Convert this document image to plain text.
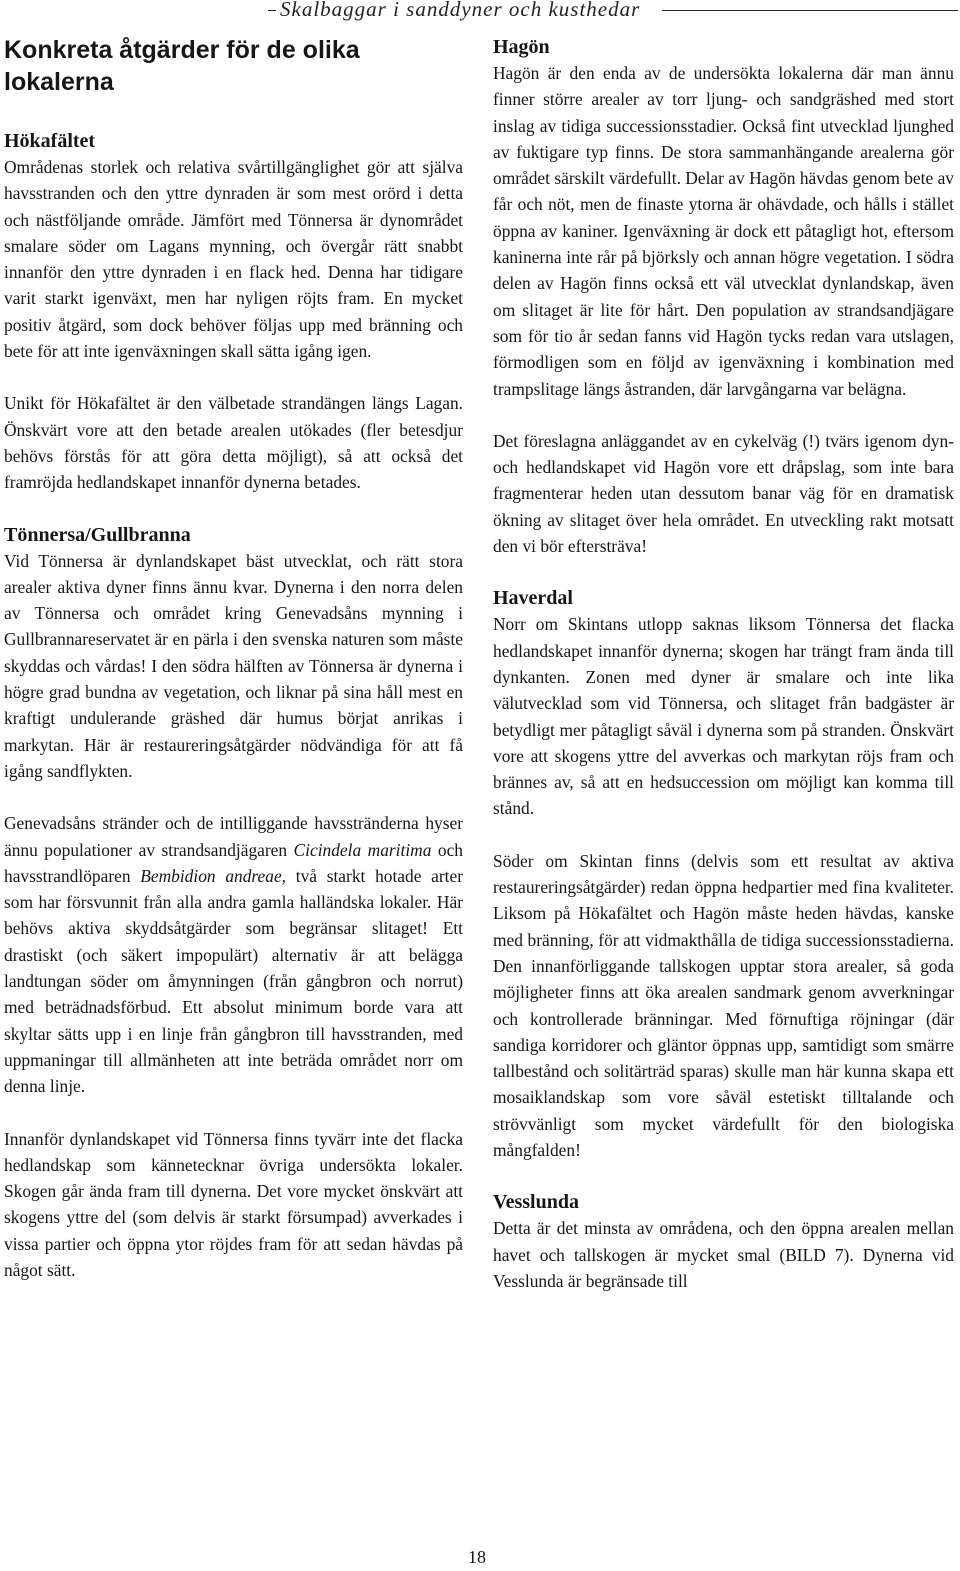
Skalbaggar i sanddyner och kusthedar
Konkreta åtgärder för de olika lokalerna
Hökafältet

Områdenas storlek och relativa svårtillgänglighet gör att själva havsstranden och den yttre dynraden är som mest orörd i detta och nästföljande område. Jämfört med Tönnersa är dynområdet smalare söder om Lagans mynning, och övergår rätt snabbt innanför den yttre dynraden i en flack hed. Denna har tidigare varit starkt igenväxt, men har nyligen röjts fram. En mycket positiv åtgärd, som dock behöver följas upp med bränning och bete för att inte igenväxningen skall sätta igång igen.

Unikt för Hökafältet är den välbetade strandängen längs Lagan. Önskvärt vore att den betade arealen utökades (fler betesdjur behövs förstås för att göra detta möjligt), så att också det framröjda hedlandskapet innanför dynerna betades.

Tönnersa/Gullbranna

Vid Tönnersa är dynlandskapet bäst utvecklat, och rätt stora arealer aktiva dyner finns ännu kvar. Dynerna i den norra delen av Tönnersa och området kring Genevadsåns mynning i Gullbrannareservatet är en pärla i den svenska naturen som måste skyddas och vårdas! I den södra hälften av Tönnersa är dynerna i högre grad bundna av vegetation, och liknar på sina håll mest en kraftigt undulerande gräshed där humus börjat anrikas i markytan. Här är restaureringsåtgärder nödvändiga för att få igång sandflykten.

Genevadsåns stränder och de intilliggande havsstränderna hyser ännu populationer av strandsandjägaren Cicindela maritima och havsstrandlöparen Bembidion andreae, två starkt hotade arter som har försvunnit från alla andra gamla halländska lokaler. Här behövs aktiva skyddsåtgärder som begränsar slitaget! Ett drastiskt (och säkert impopulärt) alternativ är att belägga landtungan söder om åmynningen (från gångbron och norrut) med beträdnadsförbud. Ett absolut minimum borde vara att skyltar sätts upp i en linje från gångbron till havsstranden, med uppmaningar till allmänheten att inte beträda området norr om denna linje.

Innanför dynlandskapet vid Tönnersa finns tyvärr inte det flacka hedlandskap som kännetecknar övriga undersökta lokaler. Skogen går ända fram till dynerna. Det vore mycket önskvärt att skogens yttre del (som delvis är starkt försumpad) avverkades i vissa partier och öppna ytor röjdes fram för att sedan hävdas på något sätt.

Hagön

Hagön är den enda av de undersökta lokalerna där man ännu finner större arealer av torr ljung- och sandgräshed med stort inslag av tidiga successionsstadier. Också fint utvecklad ljunghed av fuktigare typ finns. De stora sammanhängande arealerna gör området särskilt värdefullt. Delar av Hagön hävdas genom bete av får och nöt, men de finaste ytorna är ohävdade, och hålls i stället öppna av kaniner. Igenväxning är dock ett påtagligt hot, eftersom kaninerna inte rår på björksly och annan högre vegetation. I södra delen av Hagön finns också ett väl utvecklat dynlandskap, även om slitaget är lite för hårt. Den population av strandsandjägare som för tio år sedan fanns vid Hagön tycks redan vara utslagen, förmodligen som en följd av igenväxning i kombination med trampslitage längs åstranden, där larvgångarna var belägna.

Det föreslagna anläggandet av en cykelväg (!) tvärs igenom dyn- och hedlandskapet vid Hagön vore ett dråpslag, som inte bara fragmenterar heden utan dessutom banar väg för en dramatisk ökning av slitaget över hela området. En utveckling rakt motsatt den vi bör eftersträva!

Haverdal

Norr om Skintans utlopp saknas liksom Tönnersa det flacka hedlandskapet innanför dynerna; skogen har trängt fram ända till dynkanten. Zonen med dyner är smalare och inte lika välutvecklad som vid Tönnersa, och slitaget från badgäster är betydligt mer påtagligt såväl i dynerna som på stranden. Önskvärt vore att skogens yttre del avverkas och markytan röjs fram och brännes av, så att en hedsuccession om möjligt kan komma till stånd.

Söder om Skintan finns (delvis som ett resultat av aktiva restaureringsåtgärder) redan öppna hedpartier med fina kvaliteter. Liksom på Hökafältet och Hagön måste heden hävdas, kanske med bränning, för att vidmakthålla de tidiga successionsstadierna. Den innanförliggande tallskogen upptar stora arealer, så goda möjligheter finns att öka arealen sandmark genom avverkningar och kontrollerade bränningar. Med förnuftiga röjningar (där sandiga korridorer och gläntor öppnas upp, samtidigt som smärre tallbestånd och solitärträd sparas) skulle man här kunna skapa ett mosaiklandskap som vore såväl estetiskt tilltalande och strövvänligt som mycket värdefullt för den biologiska mångfalden!

Vesslunda

Detta är det minsta av områdena, och den öppna arealen mellan havet och tallskogen är mycket smal (BILD 7). Dynerna vid Vesslunda är begränsade till

18
